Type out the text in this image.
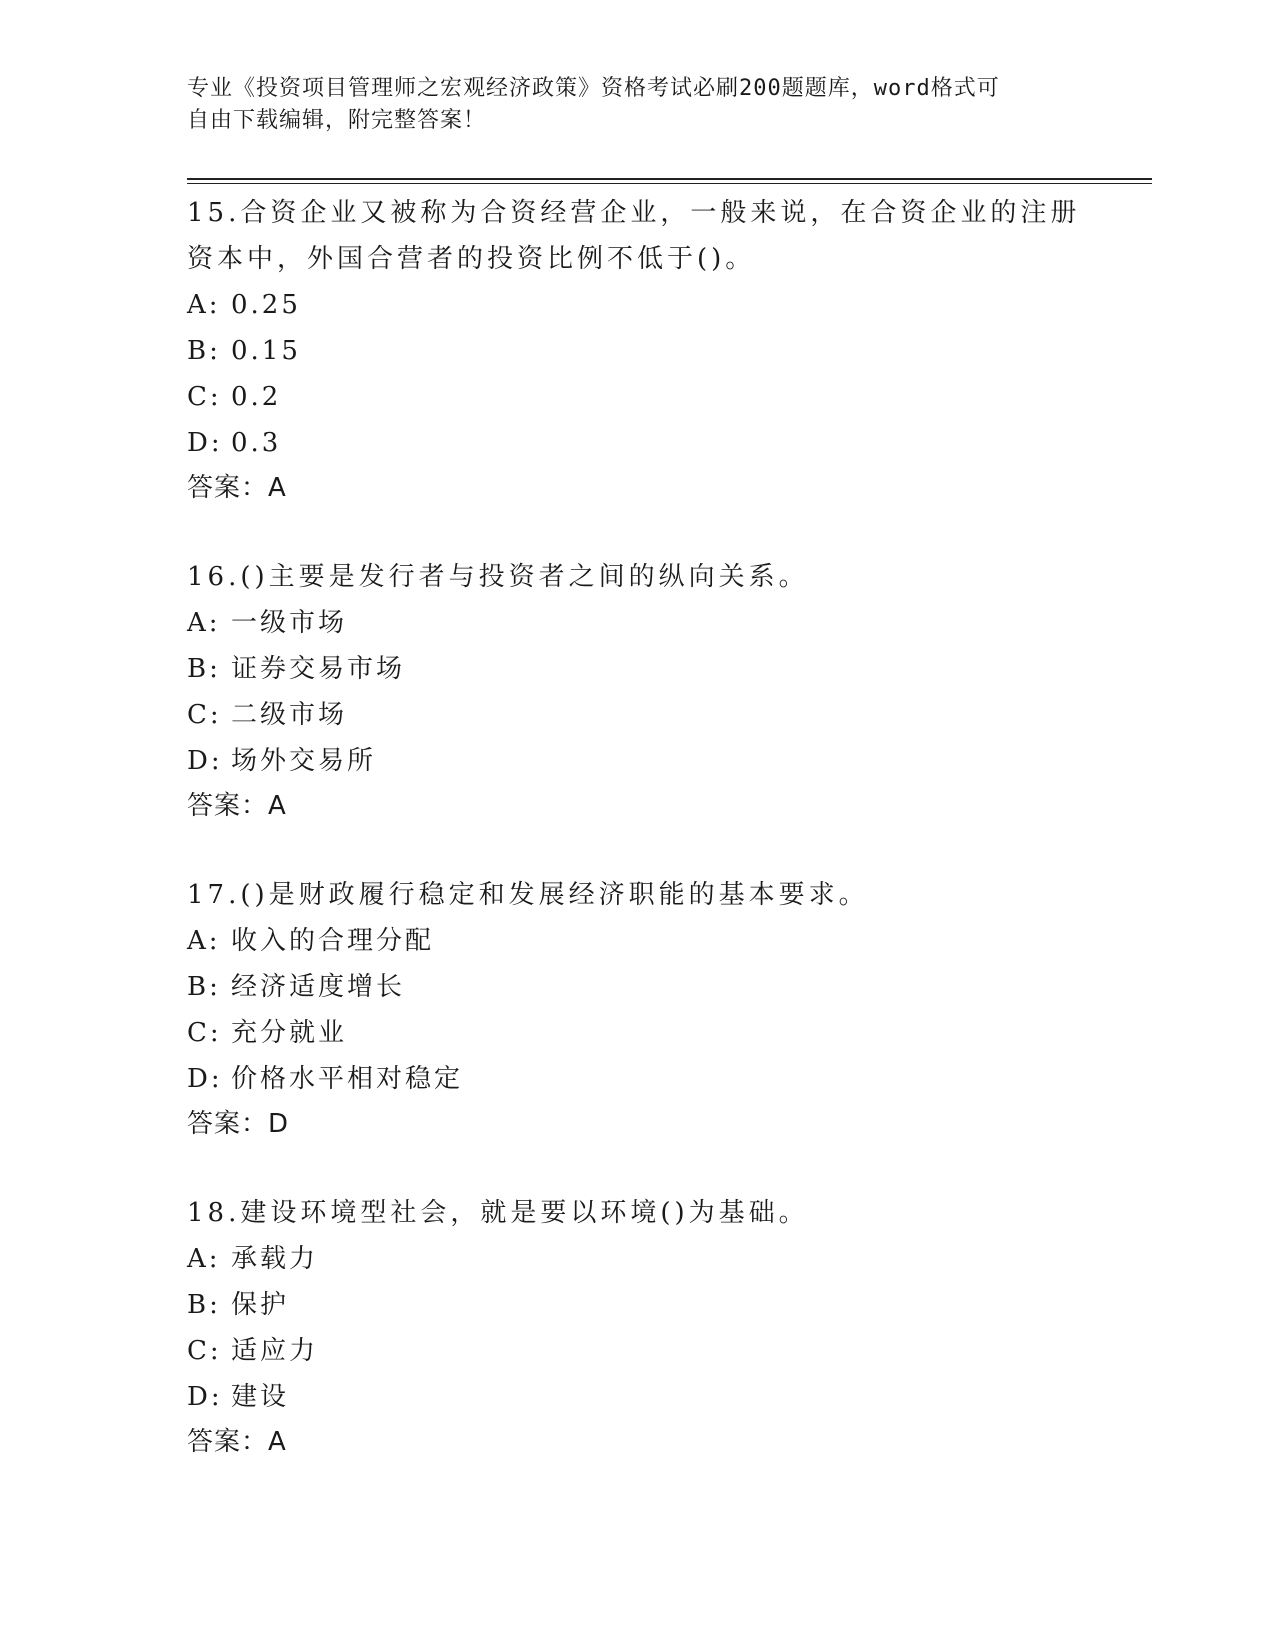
专业《投资项目管理师之宏观经济政策》资格考试必刷200题题库，word格式可
自由下载编辑，附完整答案！

15.合资企业又被称为合资经营企业，一般来说，在合资企业的注册资本中，外国合营者的投资比例不低于()。

A: 0.25

B: 0.15

C: 0.2

D: 0.3

答案：A

16.()主要是发行者与投资者之间的纵向关系。

A: 一级市场

B: 证券交易市场

C: 二级市场

D: 场外交易所

答案：A

17.()是财政履行稳定和发展经济职能的基本要求。

A: 收入的合理分配

B: 经济适度增长

C: 充分就业

D: 价格水平相对稳定

答案：D

18.建设环境型社会，就是要以环境()为基础。

A: 承载力

B: 保护

C: 适应力

D: 建设

答案：A
